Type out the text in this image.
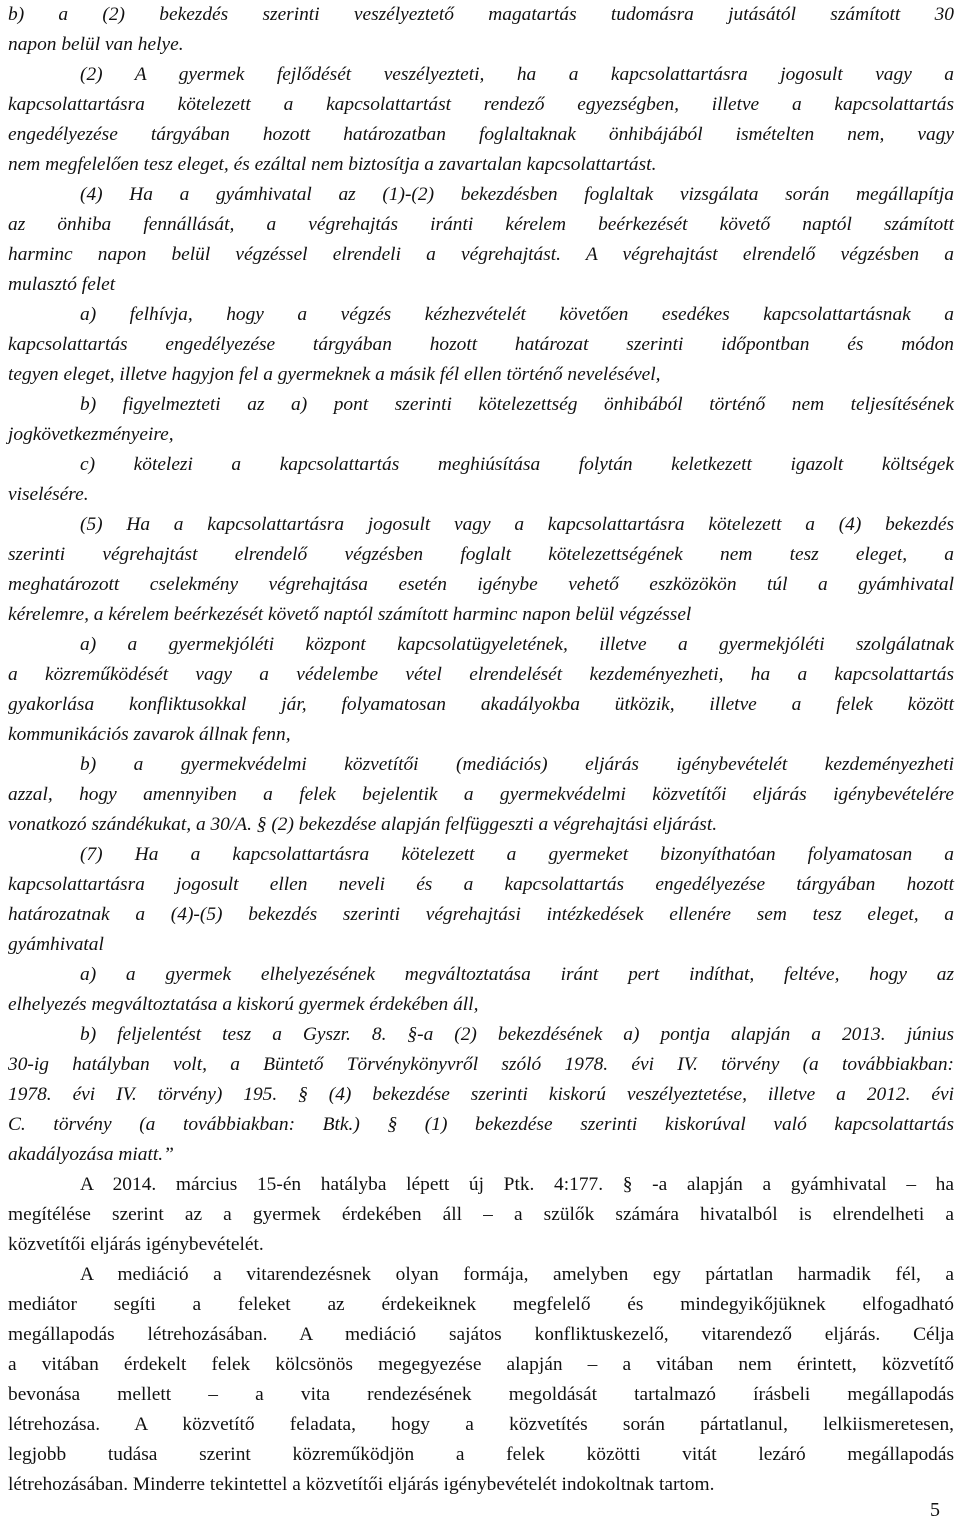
b) a (2) bekezdés szerinti veszélyeztető magatartás tudomásra jutásától számított 30
napon belül van helye.
(2) A gyermek fejlődését veszélyezteti, ha a kapcsolattartásra jogosult vagy a
kapcsolattartásra kötelezett a kapcsolattartást rendező egyezségben, illetve a kapcsolattartás
engedélyezése tárgyában hozott határozatban foglaltaknak önhibájából ismételten nem, vagy
nem megfelelően tesz eleget, és ezáltal nem biztosítja a zavartalan kapcsolattartást.
(4) Ha a gyámhivatal az (1)-(2) bekezdésben foglaltak vizsgálata során megállapítja
az önhiba fennállását, a végrehajtás iránti kérelem beérkezését követő naptól számított
harminc napon belül végzéssel elrendeli a végrehajtást. A végrehajtást elrendelő végzésben a
mulasztó felet
a) felhívja, hogy a végzés kézhezvételét követően esedékes kapcsolattartásnak a
kapcsolattartás engedélyezése tárgyában hozott határozat szerinti időpontban és módon
tegyen eleget, illetve hagyjon fel a gyermeknek a másik fél ellen történő nevelésével,
b) figyelmezteti az a) pont szerinti kötelezettség önhibából történő nem teljesítésének
jogkövetkezményeire,
c) kötelezi a kapcsolattartás meghiúsítása folytán keletkezett igazolt költségek
viselésére.
(5) Ha a kapcsolattartásra jogosult vagy a kapcsolattartásra kötelezett a (4) bekezdés
szerinti végrehajtást elrendelő végzésben foglalt kötelezettségének nem tesz eleget, a
meghatározott cselekmény végrehajtása esetén igénybe vehető eszközökön túl a gyámhivatal
kérelemre, a kérelem beérkezését követő naptól számított harminc napon belül végzéssel
a) a gyermekjóléti központ kapcsolatügyeletének, illetve a gyermekjóléti szolgálatnak
a közreműködését vagy a védelembe vétel elrendelését kezdeményezheti, ha a kapcsolattartás
gyakorlása konfliktusokkal jár, folyamatosan akadályokba ütközik, illetve a felek között
kommunikációs zavarok állnak fenn,
b) a gyermekvédelmi közvetítői (mediációs) eljárás igénybevételét kezdeményezheti
azzal, hogy amennyiben a felek bejelentik a gyermekvédelmi közvetítői eljárás igénybevételére
vonatkozó szándékukat, a 30/A. § (2) bekezdése alapján felfüggeszti a végrehajtási eljárást.
(7) Ha a kapcsolattartásra kötelezett a gyermeket bizonyíthatóan folyamatosan a
kapcsolattartásra jogosult ellen neveli és a kapcsolattartás engedélyezése tárgyában hozott
határozatnak a (4)-(5) bekezdés szerinti végrehajtási intézkedések ellenére sem tesz eleget, a
gyámhivatal
a) a gyermek elhelyezésének megváltoztatása iránt pert indíthat, feltéve, hogy az
elhelyezés megváltoztatása a kiskorú gyermek érdekében áll,
b) feljelentést tesz a Gyszr. 8. §-a (2) bekezdésének a) pontja alapján a 2013. június
30-ig hatályban volt, a Büntető Törvénykönyvről szóló 1978. évi IV. törvény (a továbbiakban:
1978. évi IV. törvény) 195. § (4) bekezdése szerinti kiskorú veszélyeztetése, illetve a 2012. évi
C. törvény (a továbbiakban: Btk.) § (1) bekezdése szerinti kiskorúval való kapcsolattartás
akadályozása miatt.”
A 2014. március 15-én hatályba lépett új Ptk. 4:177. § -a alapján a gyámhivatal – ha
megítélése szerint az a gyermek érdekében áll – a szülők számára hivatalból is elrendelheti a
közvetítői eljárás igénybevételét.
A mediáció a vitarendezésnek olyan formája, amelyben egy pártatlan harmadik fél, a
mediátor segíti a feleket az érdekeiknek megfelelő és mindegyikőjüknek elfogadható
megállapodás létrehozásában. A mediáció sajátos konfliktuskezelő, vitarendező eljárás. Célja
a vitában érdekelt felek kölcsönös megegyezése alapján – a vitában nem érintett, közvetítő
bevonása mellett – a vita rendezésének megoldását tartalmazó írásbeli megállapodás
létrehozása. A közvetítő feladata, hogy a közvetítés során pártatlanul, lelkiismeretesen,
legjobb tudása szerint közreműködjön a felek közötti vitát lezáró megállapodás
létrehozásában. Minderre tekintettel a közvetítői eljárás igénybevételét indokoltnak tartom.
5
